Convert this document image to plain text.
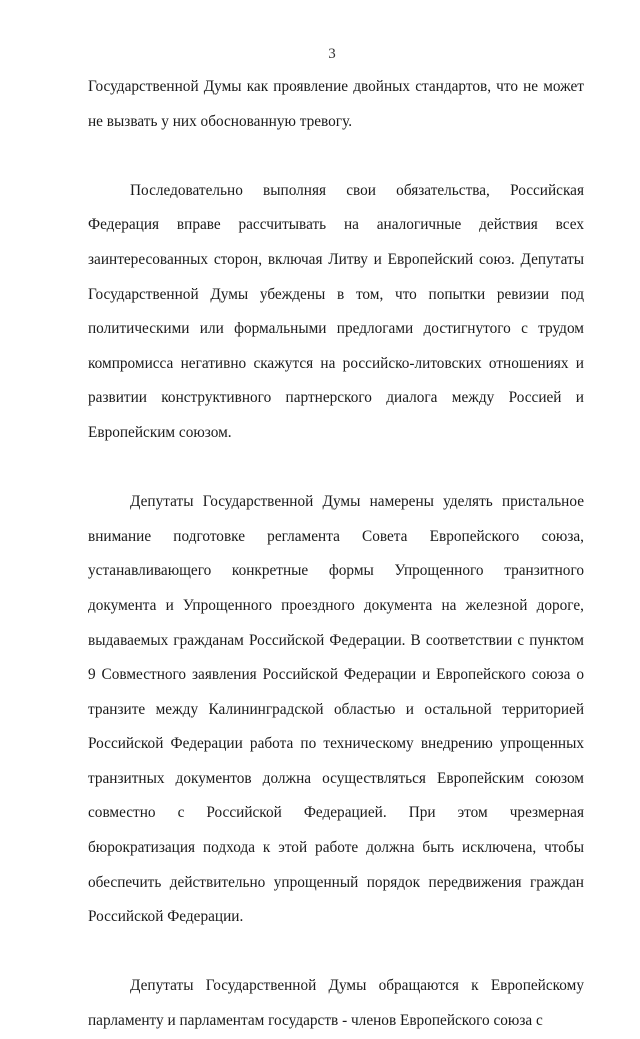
3

Государственной Думы как проявление двойных стандартов, что не может не вызвать у них обоснованную тревогу.

Последовательно выполняя свои обязательства, Российская Федерация вправе рассчитывать на аналогичные действия всех заинтересованных сторон, включая Литву и Европейский союз. Депутаты Государственной Думы убеждены в том, что попытки ревизии под политическими или формальными предлогами достигнутого с трудом компромисса негативно скажутся на российско-литовских отношениях и развитии конструктивного партнерского диалога между Россией и Европейским союзом.

Депутаты Государственной Думы намерены уделять пристальное внимание подготовке регламента Совета Европейского союза, устанавливающего конкретные формы Упрощенного транзитного документа и Упрощенного проездного документа на железной дороге, выдаваемых гражданам Российской Федерации. В соответствии с пунктом 9 Совместного заявления Российской Федерации и Европейского союза о транзите между Калининградской областью и остальной территорией Российской Федерации работа по техническому внедрению упрощенных транзитных документов должна осуществляться Европейским союзом совместно с Российской Федерацией. При этом чрезмерная бюрократизация подхода к этой работе должна быть исключена, чтобы обеспечить действительно упрощенный порядок передвижения граждан Российской Федерации.

Депутаты Государственной Думы обращаются к Европейскому парламенту и парламентам государств - членов Европейского союза с
